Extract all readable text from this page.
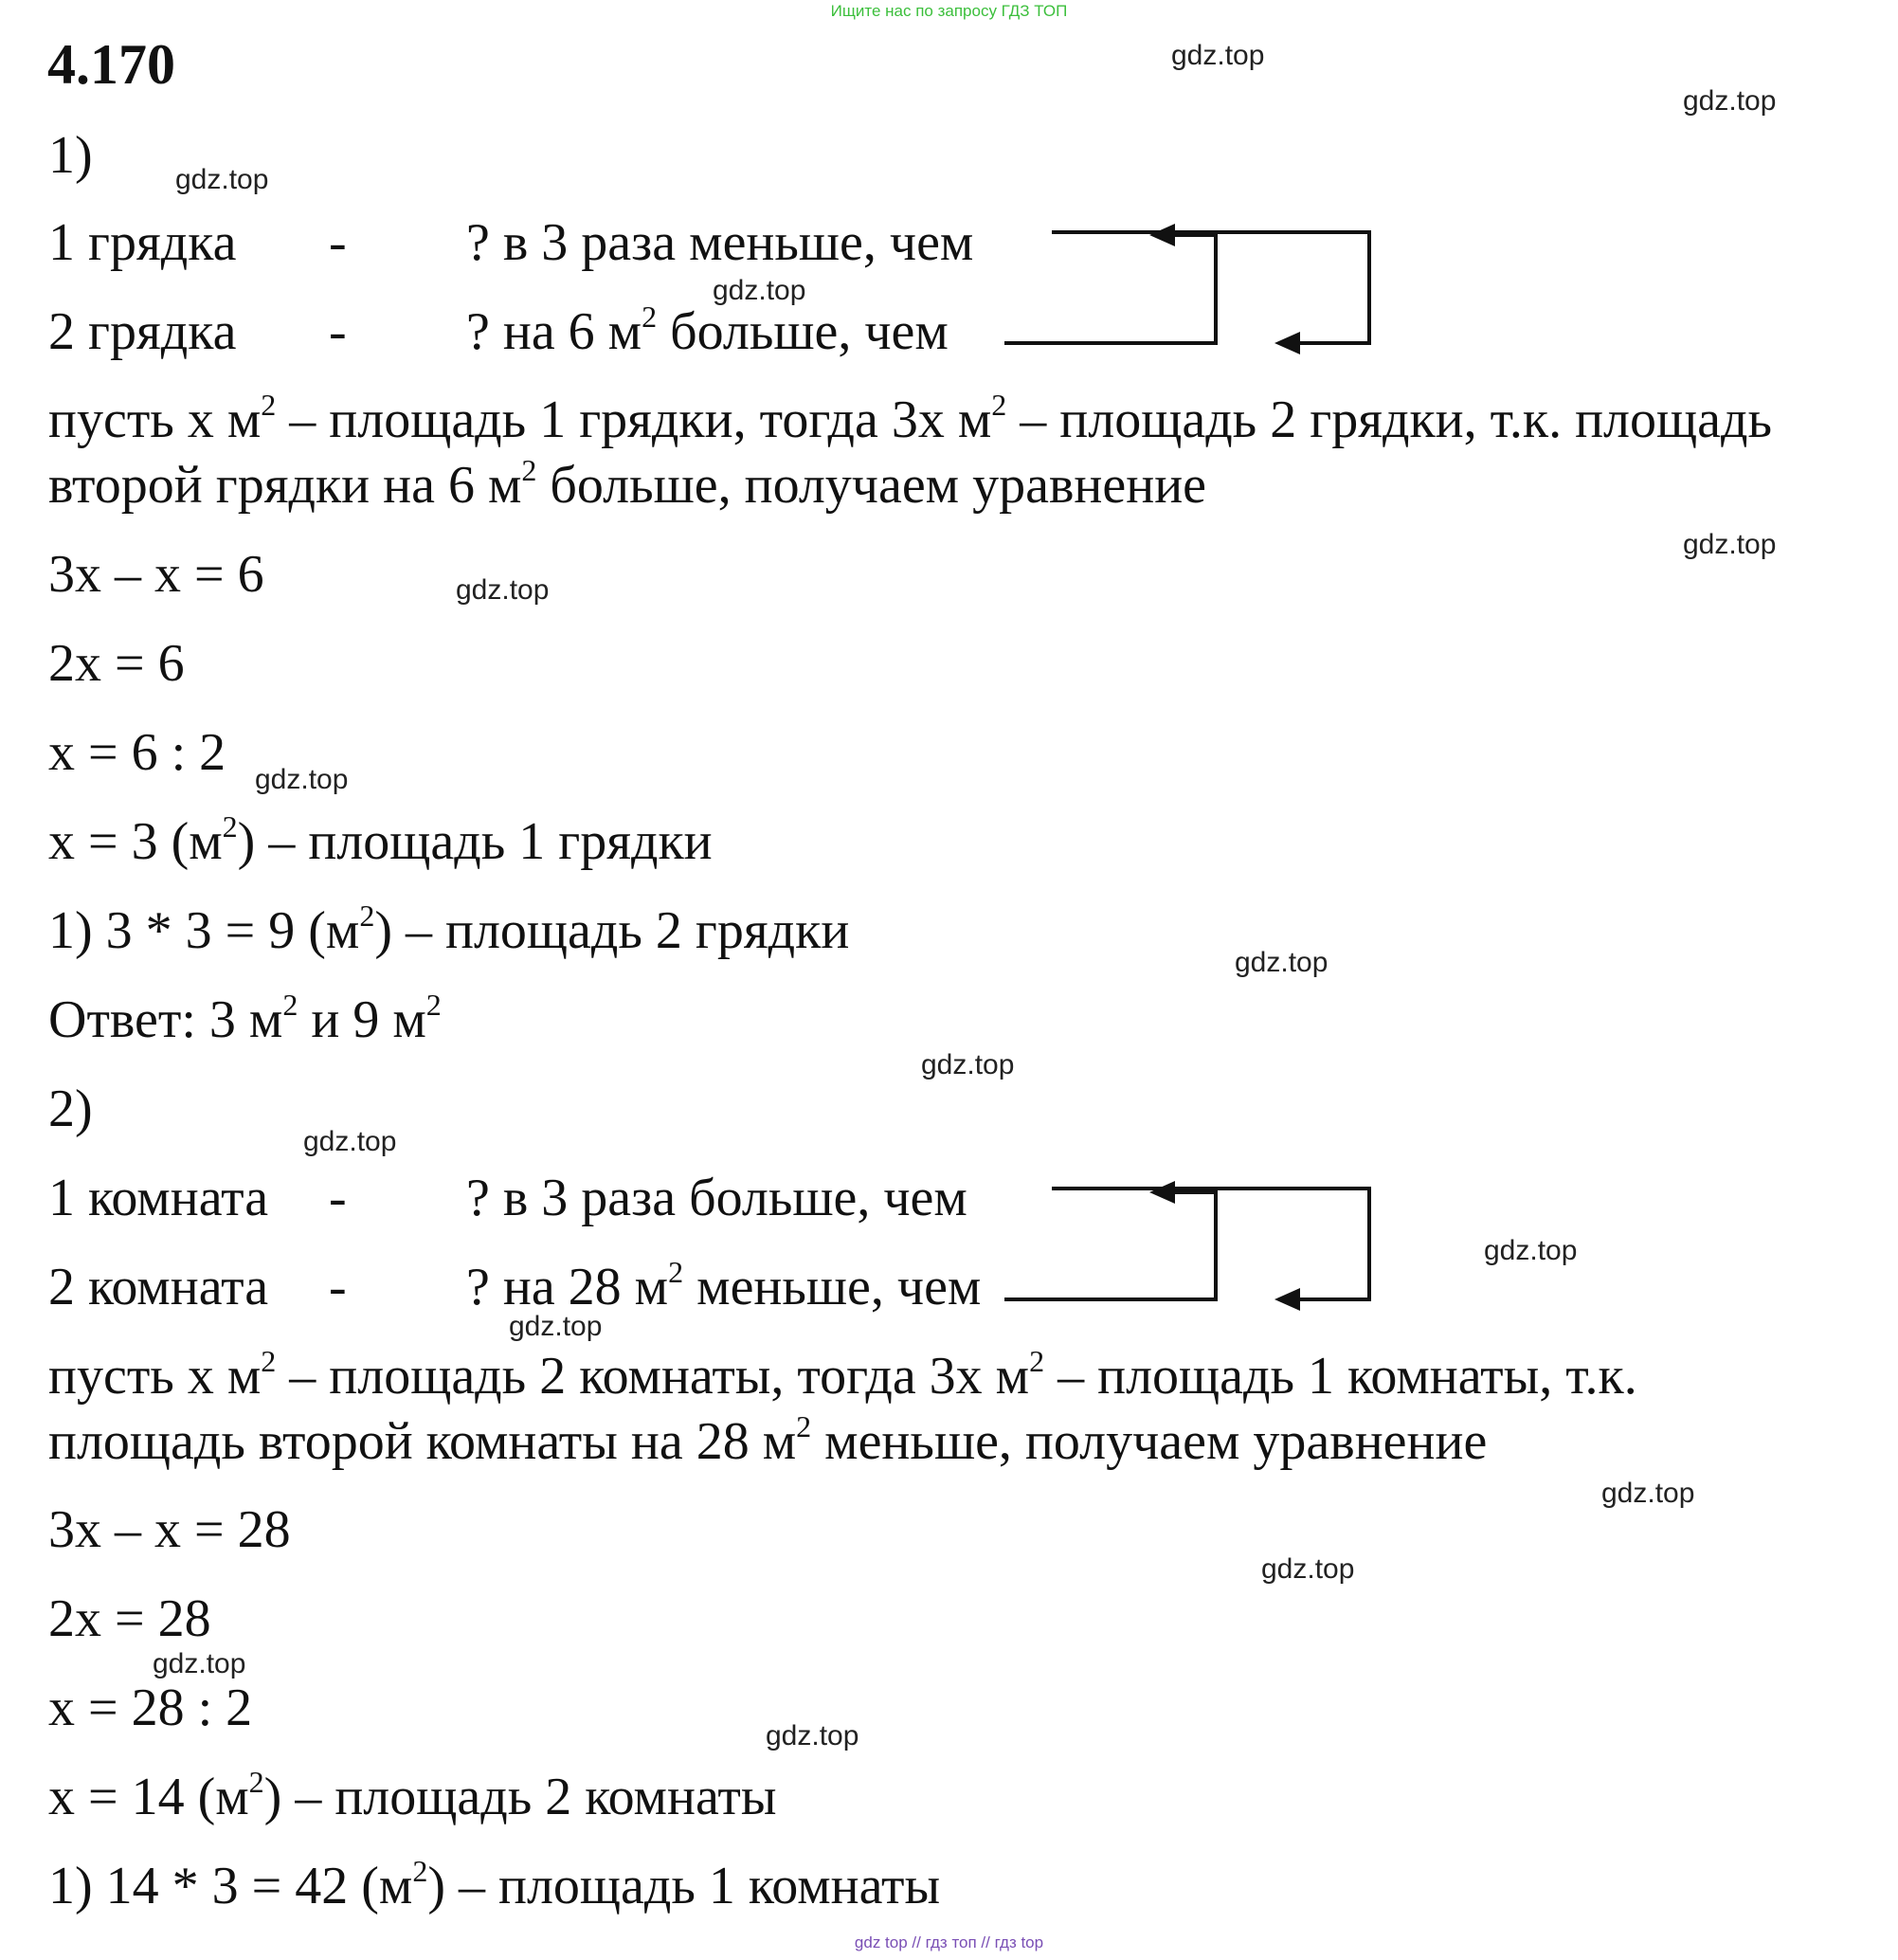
Ищите нас по запросу ГДЗ ТОП
4.170	gdz.top
gdz.top
gdz.top
gdz.top
gdz.top
gdz.top
gdz.top
gdz.top
gdz.top
gdz.top
gdz.top
gdz.top
gdz.top
gdz.top
gdz.top
gdz.top
1)
1 грядка - ? в 3 раза меньше, чем
2 грядка - ? на 6 $м^2$ больше, чем
пусть х $м^2$ – площадь 1 грядки, тогда 3х $м^2$ – площадь 2 грядки, т.к. площадь
второй грядки на 6 $м^2$ больше, получаем уравнение
3х – х = 6
2х = 6
х = 6 : 2
х = 3 $(м^2)$ – площадь 1 грядки
1) 3 * 3 = 9 $(м^2)$ – площадь 2 грядки
Ответ: 3 $м^2$ и 9 $м^2$
2)
1 комната - ? в 3 раза больше, чем
2 комната - ? на 28 $м^2$ меньше, чем
пусть х $м^2$ – площадь 2 комнаты, тогда 3х $м^2$ – площадь 1 комнаты, т.к.
площадь второй комнаты на 28 $м^2$ меньше, получаем уравнение
3х – х = 28
2х = 28
х = 28 : 2
х = 14 $(м^2)$ – площадь 2 комнаты
1) 14 * 3 = 42 $(м^2)$ – площадь 1 комнаты
gdz top // гдз топ // гдз top
